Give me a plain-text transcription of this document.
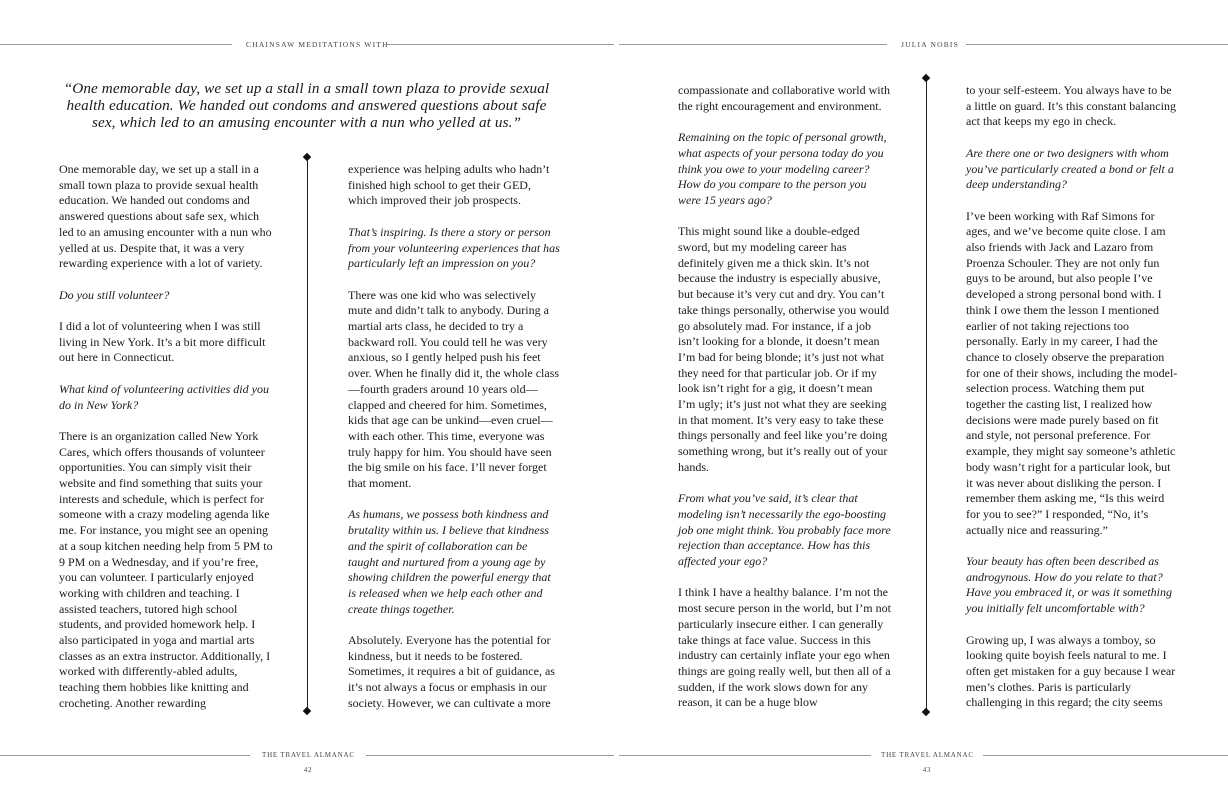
CHAINSAW MEDITATIONS WITH	JULIA NOBIS
“One memorable day, we set up a stall in a small town plaza to provide sexual health education. We handed out condoms and answered questions about safe sex, which led to an amusing encounter with a nun who yelled at us.”

One memorable day, we set up a stall in a small town plaza to provide sexual health education. We handed out condoms and answered questions about safe sex, which led to an amusing encounter with a nun who yelled at us. Despite that, it was a very rewarding experience with a lot of variety.

Do you still volunteer?

I did a lot of volunteering when I was still living in New York. It’s a bit more difficult out here in Connecticut.

What kind of volunteering activities did you do in New York?

There is an organization called New York Cares, which offers thousands of volunteer opportunities. You can simply visit their website and find something that suits your interests and schedule, which is perfect for someone with a crazy modeling agenda like me. For instance, you might see an opening at a soup kitchen needing help from 5 PM to 9 PM on a Wednesday, and if you’re free, you can volunteer. I particularly enjoyed working with children and teaching. I assisted teachers, tutored high school students, and provided homework help. I also participated in yoga and martial arts classes as an extra instructor. Additionally, I worked with differently-abled adults, teaching them hobbies like knitting and crocheting. Another rewarding

experience was helping adults who hadn’t finished high school to get their GED, which improved their job prospects.

That’s inspiring. Is there a story or person from your volunteering experiences that has particularly left an impression on you?

There was one kid who was selectively mute and didn’t talk to anybody. During a martial arts class, he decided to try a backward roll. You could tell he was very anxious, so I gently helped push his feet over. When he finally did it, the whole class—fourth graders around 10 years old—clapped and cheered for him. Sometimes, kids that age can be unkind—even cruel—with each other. This time, everyone was truly happy for him. You should have seen the big smile on his face. I’ll never forget that moment.

As humans, we possess both kindness and brutality within us. I believe that kindness and the spirit of collaboration can be taught and nurtured from a young age by showing children the powerful energy that is released when we help each other and create things together.

Absolutely. Everyone has the potential for kindness, but it needs to be fostered. Sometimes, it requires a bit of guidance, as it’s not always a focus or emphasis in our society. However, we can cultivate a more

compassionate and collaborative world with the right encouragement and environment.

Remaining on the topic of personal growth, what aspects of your persona today do you think you owe to your modeling career? How do you compare to the person you were 15 years ago?

This might sound like a double-edged sword, but my modeling career has definitely given me a thick skin. It’s not because the industry is especially abusive, but because it’s very cut and dry. You can’t take things personally, otherwise you would go absolutely mad. For instance, if a job isn’t looking for a blonde, it doesn’t mean I’m bad for being blonde; it’s just not what they need for that particular job. Or if my look isn’t right for a gig, it doesn’t mean I’m ugly; it’s just not what they are seeking in that moment. It’s very easy to take these things personally and feel like you’re doing something wrong, but it’s really out of your hands.

From what you’ve said, it’s clear that modeling isn’t necessarily the ego-boosting job one might think. You probably face more rejection than acceptance. How has this affected your ego?

I think I have a healthy balance. I’m not the most secure person in the world, but I’m not particularly insecure either. I can generally take things at face value. Success in this industry can certainly inflate your ego when things are going really well, but then all of a sudden, if the work slows down for any reason, it can be a huge blow

to your self-esteem. You always have to be a little on guard. It’s this constant balancing act that keeps my ego in check.

Are there one or two designers with whom you’ve particularly created a bond or felt a deep understanding?

I’ve been working with Raf Simons for ages, and we’ve become quite close. I am also friends with Jack and Lazaro from Proenza Schouler. They are not only fun guys to be around, but also people I’ve developed a strong personal bond with. I think I owe them the lesson I mentioned earlier of not taking rejections too personally. Early in my career, I had the chance to closely observe the preparation for one of their shows, including the model-selection process. Watching them put together the casting list, I realized how decisions were made purely based on fit and style, not personal preference. For example, they might say someone’s athletic body wasn’t right for a particular look, but it was never about disliking the person. I remember them asking me, “Is this weird for you to see?” I responded, “No, it’s actually nice and reassuring.”

Your beauty has often been described as androgynous. How do you relate to that? Have you embraced it, or was it something you initially felt uncomfortable with?

Growing up, I was always a tomboy, so looking quite boyish feels natural to me. I often get mistaken for a guy because I wear men’s clothes. Paris is particularly challenging in this regard; the city seems

THE TRAVEL ALMANAC
42
THE TRAVEL ALMANAC
43
